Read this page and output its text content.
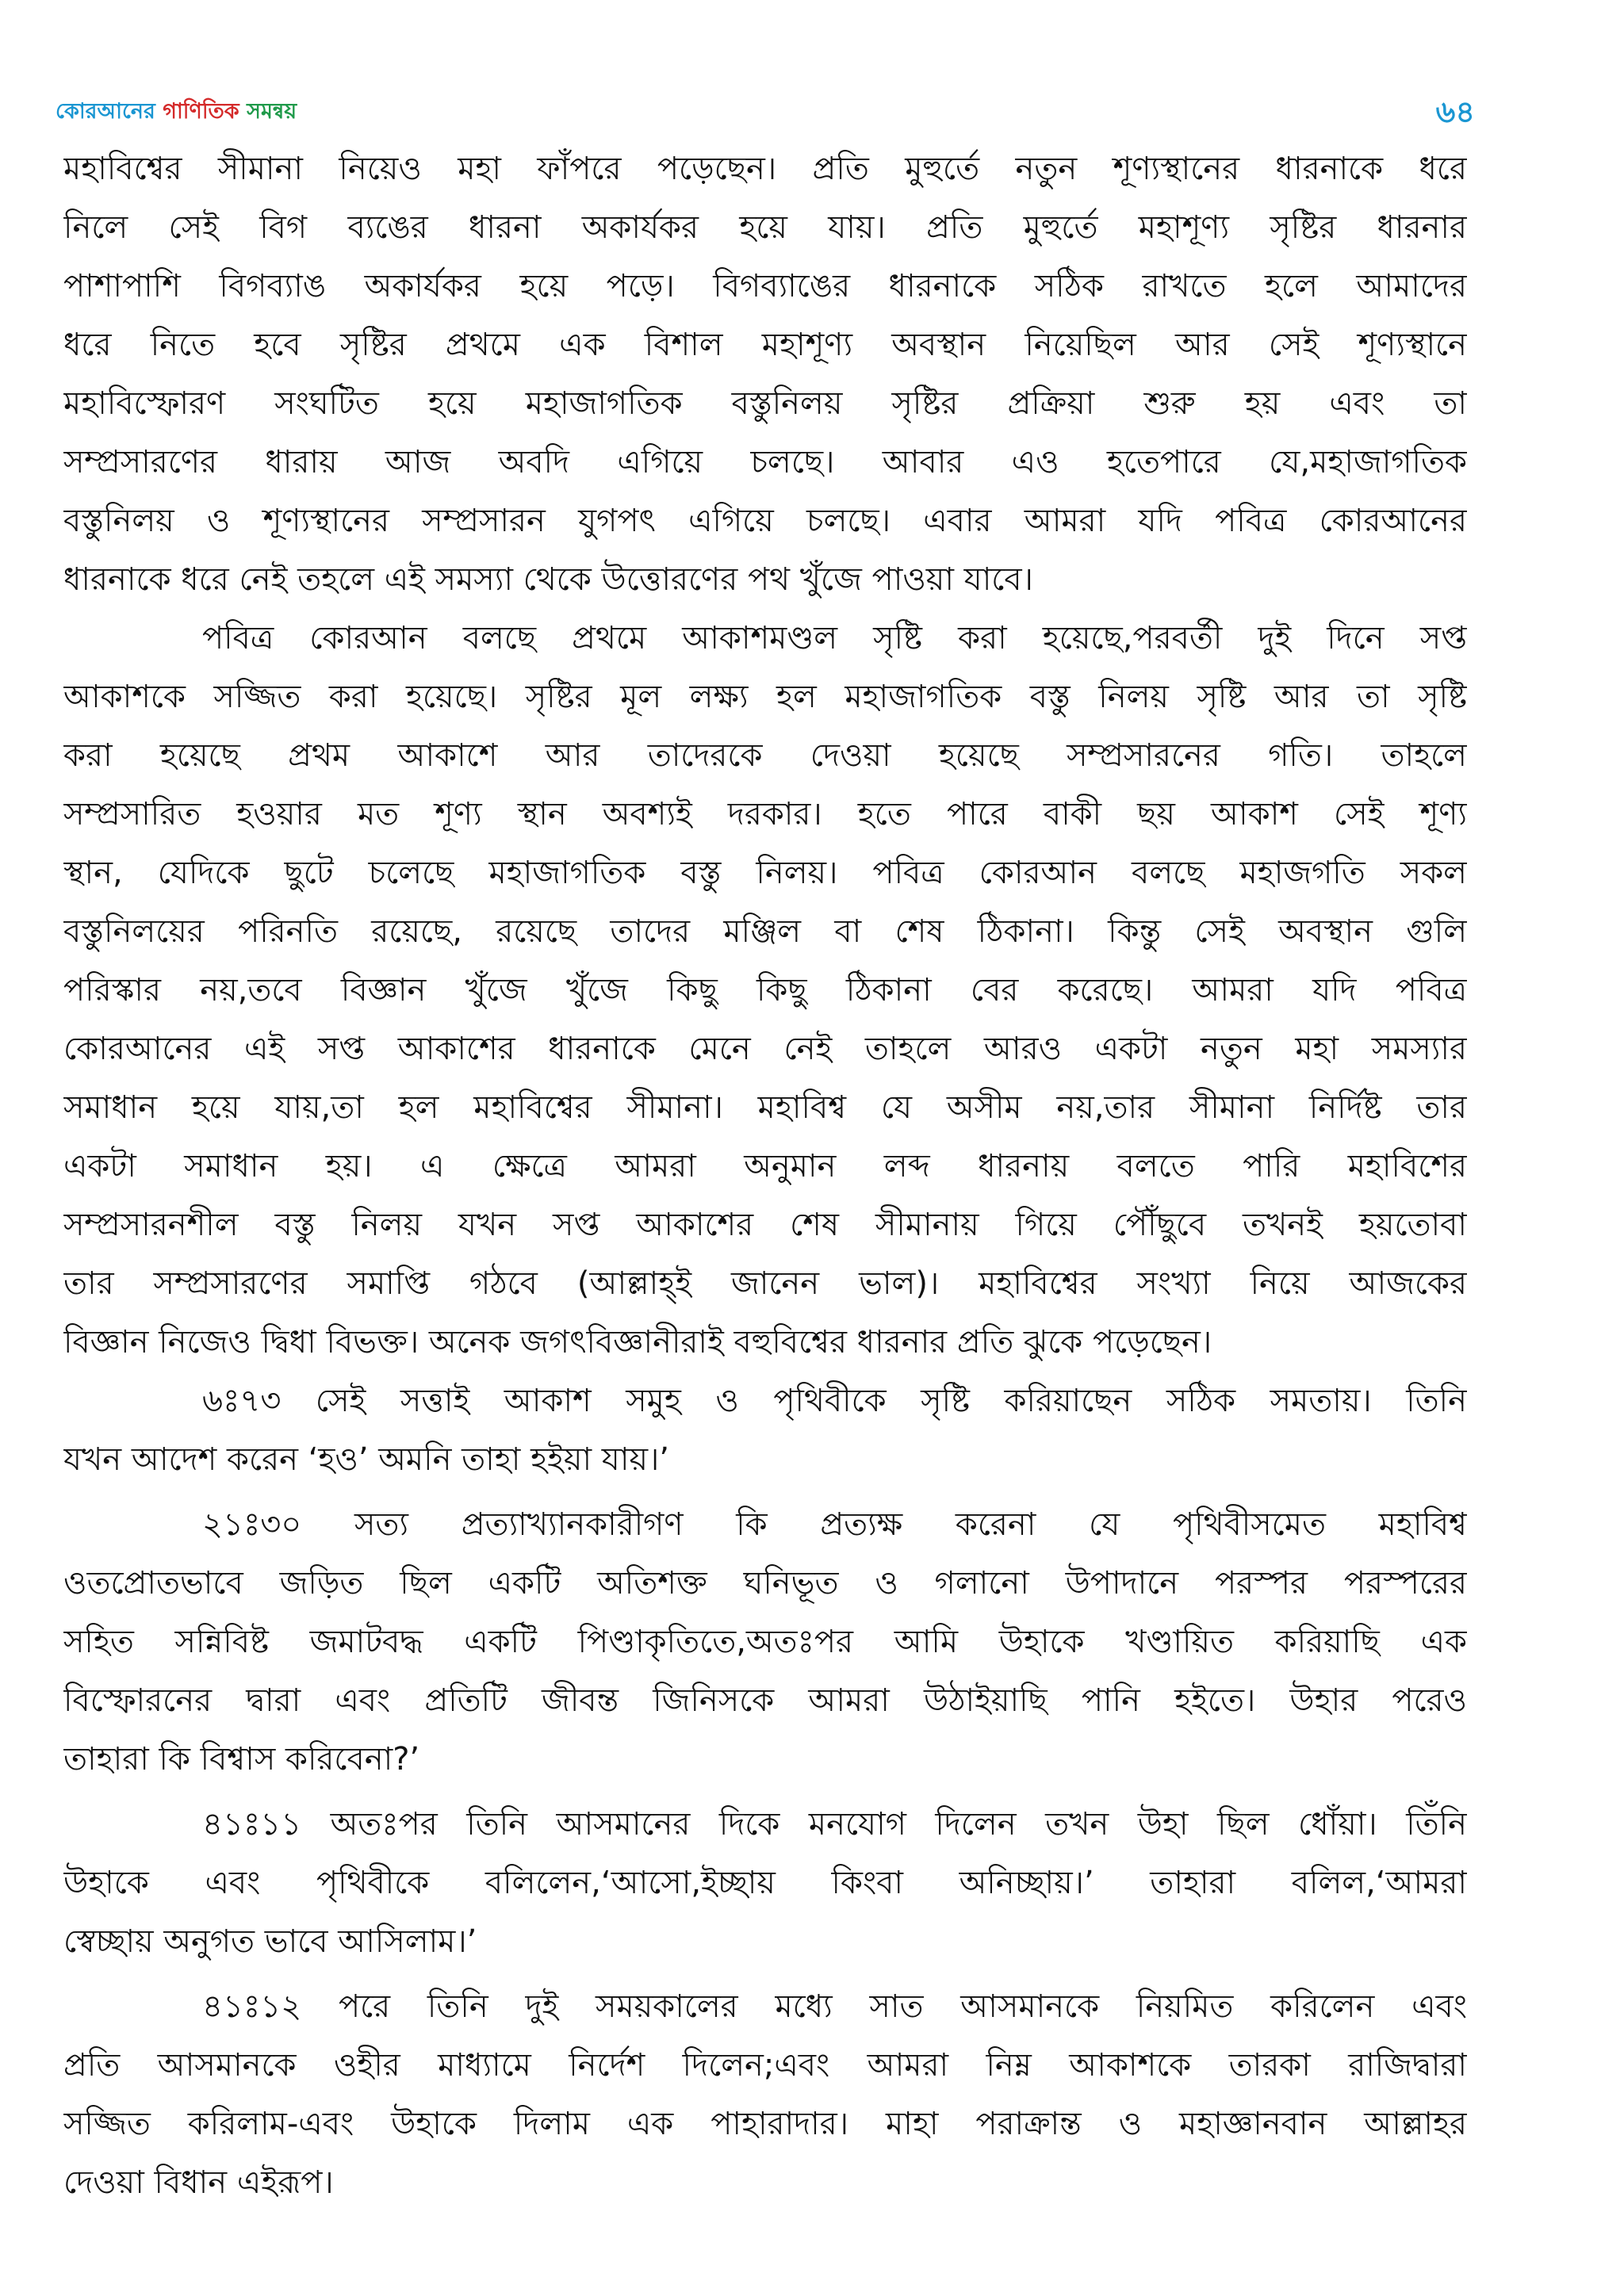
কোরআনের গাণিতিক সমন্বয়	৬৪
মহাবিশ্বের সীমানা নিয়েও মহা ফাঁপরে পড়েছেন। প্রতি মুহুর্তে নতুন শূণ্যস্থানের ধারনাকে ধরে
নিলে সেই বিগ ব্যঙের ধারনা অকার্যকর হয়ে যায়। প্রতি মুহুর্তে মহাশূণ্য সৃষ্টির ধারনার
পাশাপাশি বিগব্যাঙ অকার্যকর হয়ে পড়ে। বিগব্যাঙের ধারনাকে সঠিক রাখতে হলে আমাদের
ধরে নিতে হবে সৃষ্টির প্রথমে এক বিশাল মহাশূণ্য অবস্থান নিয়েছিল আর সেই শূণ্যস্থানে
মহাবিস্ফোরণ সংঘটিত হয়ে মহাজাগতিক বস্তুনিলয় সৃষ্টির প্রক্রিয়া শুরু হয় এবং তা
সম্প্রসারণের ধারায় আজ অবদি এগিয়ে চলছে। আবার এও হতেপারে যে,মহাজাগতিক
বস্তুনিলয় ও শূণ্যস্থানের সম্প্রসারন যুগপৎ এগিয়ে চলছে। এবার আমরা যদি পবিত্র কোরআনের
ধারনাকে ধরে নেই তহলে এই সমস্যা থেকে উত্তোরণের পথ খুঁজে পাওয়া যাবে।
পবিত্র কোরআন বলছে প্রথমে আকাশমণ্ডল সৃষ্টি করা হয়েছে,পরবর্তী দুই দিনে সপ্ত
আকাশকে সজ্জিত করা হয়েছে। সৃষ্টির মূল লক্ষ্য হল মহাজাগতিক বস্তু নিলয় সৃষ্টি আর তা সৃষ্টি
করা হয়েছে প্রথম আকাশে আর তাদেরকে দেওয়া হয়েছে সম্প্রসারনের গতি। তাহলে
সম্প্রসারিত হওয়ার মত শূণ্য স্থান অবশ্যই দরকার। হতে পারে বাকী ছয় আকাশ সেই শূণ্য
স্থান, যেদিকে ছুটে চলেছে মহাজাগতিক বস্তু নিলয়। পবিত্র কোরআন বলছে মহাজগতি সকল
বস্তুনিলয়ের পরিনতি রয়েছে, রয়েছে তাদের মঞ্জিল বা শেষ ঠিকানা। কিন্তু সেই অবস্থান গুলি
পরিস্কার নয়,তবে বিজ্ঞান খুঁজে খুঁজে কিছু কিছু ঠিকানা বের করেছে। আমরা যদি পবিত্র
কোরআনের এই সপ্ত আকাশের ধারনাকে মেনে নেই তাহলে আরও একটা নতুন মহা সমস্যার
সমাধান হয়ে যায়,তা হল মহাবিশ্বের সীমানা। মহাবিশ্ব যে অসীম নয়,তার সীমানা নির্দিষ্ট তার
একটা সমাধান হয়। এ ক্ষেত্রে আমরা অনুমান লব্দ ধারনায় বলতে পারি মহাবিশের
সম্প্রসারনশীল বস্তু নিলয় যখন সপ্ত আকাশের শেষ সীমানায় গিয়ে পৌঁছুবে তখনই হয়তোবা
তার সম্প্রসারণের সমাপ্তি গঠবে (আল্লাহ্ই জানেন ভাল)। মহাবিশ্বের সংখ্যা নিয়ে আজকের
বিজ্ঞান নিজেও দ্বিধা বিভক্ত। অনেক জগৎবিজ্ঞানীরাই বহুবিশ্বের ধারনার প্রতি ঝুকে পড়েছেন।
৬ঃ৭৩ সেই সত্তাই আকাশ সমুহ ও পৃথিবীকে সৃষ্টি করিয়াছেন সঠিক সমতায়। তিনি
যখন আদেশ করেন ‘হও’ অমনি তাহা হইয়া যায়।’
২১ঃ৩০ সত্য প্রত্যাখ্যানকারীগণ কি প্রত্যক্ষ করেনা যে পৃথিবীসমেত মহাবিশ্ব
ওতপ্রোতভাবে জড়িত ছিল একটি অতিশক্ত ঘনিভূত ও গলানো উপাদানে পরস্পর পরস্পরের
সহিত সন্নিবিষ্ট জমাটবদ্ধ একটি পিণ্ডাকৃতিতে,অতঃপর আমি উহাকে খণ্ডায়িত করিয়াছি এক
বিস্ফোরনের দ্বারা এবং প্রতিটি জীবন্ত জিনিসকে আমরা উঠাইয়াছি পানি হইতে। উহার পরেও
তাহারা কি বিশ্বাস করিবেনা?’
৪১ঃ১১ অতঃপর তিনি আসমানের দিকে মনযোগ দিলেন তখন উহা ছিল ধোঁয়া। তিঁনি
উহাকে এবং পৃথিবীকে বলিলেন,‘আসো,ইচ্ছায় কিংবা অনিচ্ছায়।’ তাহারা বলিল,‘আমরা
স্বেচ্ছায় অনুগত ভাবে আসিলাম।’
৪১ঃ১২ পরে তিনি দুই সময়কালের মধ্যে সাত আসমানকে নিয়মিত করিলেন এবং
প্রতি আসমানকে ওহীর মাধ্যামে নির্দেশ দিলেন;এবং আমরা নিম্ন আকাশকে তারকা রাজিদ্বারা
সজ্জিত করিলাম-এবং উহাকে দিলাম এক পাহারাদার। মাহা পরাক্রান্ত ও মহাজ্ঞানবান আল্লাহর
দেওয়া বিধান এইরূপ।
